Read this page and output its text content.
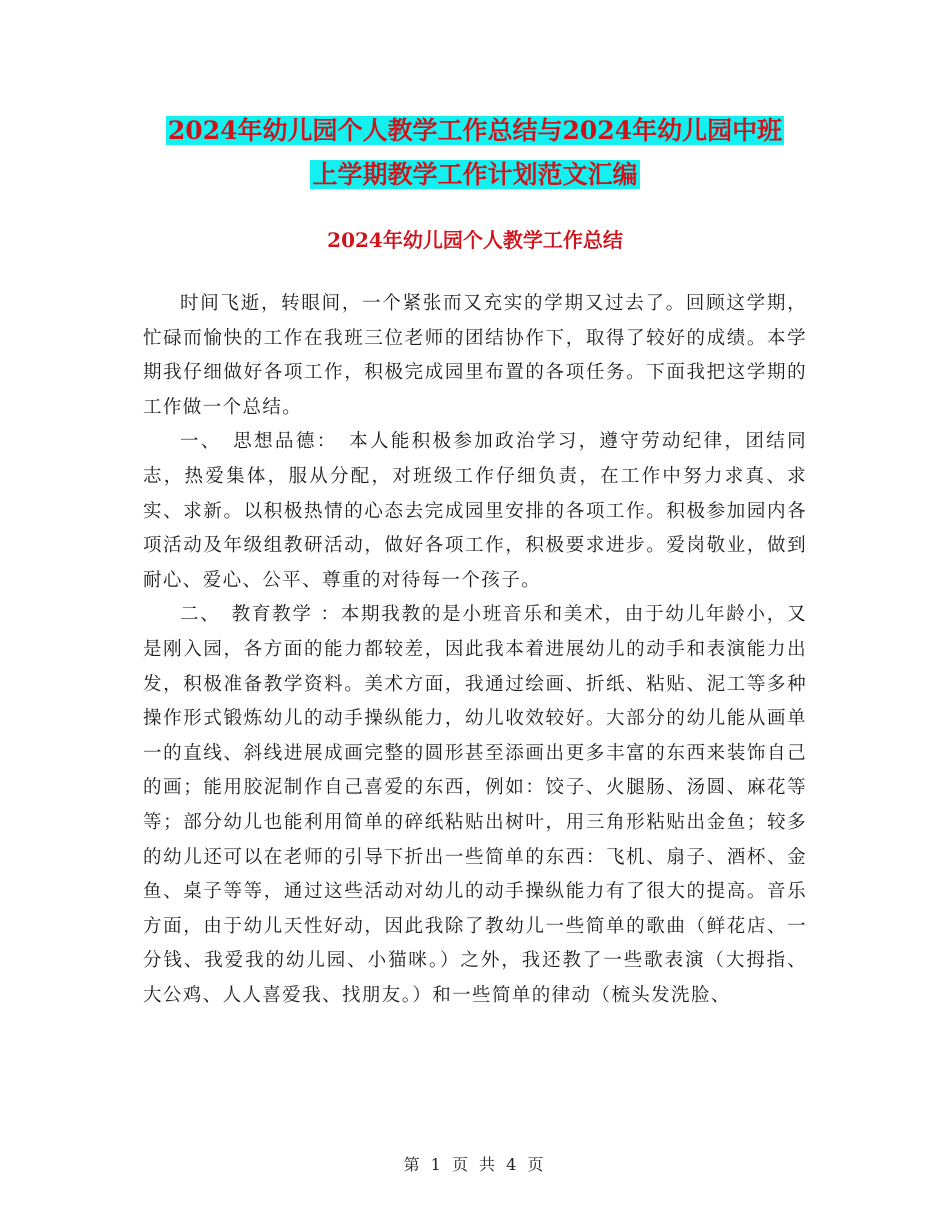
2024年幼儿园个人教学工作总结与2024年幼儿园中班
上学期教学工作计划范文汇编
2024年幼儿园个人教学工作总结

时间飞逝，转眼间，一个紧张而又充实的学期又过去了。回顾这学期，忙碌而愉快的工作在我班三位老师的团结协作下，取得了较好的成绩。本学期我仔细做好各项工作，积极完成园里布置的各项任务。下面我把这学期的工作做一个总结。

一、　思想品德：　本人能积极参加政治学习，遵守劳动纪律，团结同志，热爱集体，服从分配，对班级工作仔细负责，在工作中努力求真、求实、求新。以积极热情的心态去完成园里安排的各项工作。积极参加园内各项活动及年级组教研活动，做好各项工作，积极要求进步。爱岗敬业，做到耐心、爱心、公平、尊重的对待每一个孩子。

二、　教育教学 ：本期我教的是小班音乐和美术，由于幼儿年龄小，又是刚入园，各方面的能力都较差，因此我本着进展幼儿的动手和表演能力出发，积极准备教学资料。美术方面，我通过绘画、折纸、粘贴、泥工等多种操作形式锻炼幼儿的动手操纵能力，幼儿收效较好。大部分的幼儿能从画单一的直线、斜线进展成画完整的圆形甚至添画出更多丰富的东西来装饰自己的画；能用胶泥制作自己喜爱的东西，例如：饺子、火腿肠、汤圆、麻花等等；部分幼儿也能利用简单的碎纸粘贴出树叶，用三角形粘贴出金鱼；较多的幼儿还可以在老师的引导下折出一些简单的东西：飞机、扇子、酒杯、金鱼、桌子等等，通过这些活动对幼儿的动手操纵能力有了很大的提高。音乐方面，由于幼儿天性好动，因此我除了教幼儿一些简单的歌曲（鲜花店、一分钱、我爱我的幼儿园、小猫咪。）之外，我还教了一些歌表演（大拇指、大公鸡、人人喜爱我、找朋友。）和一些简单的律动（梳头发洗脸、

第 1 页 共 4 页
